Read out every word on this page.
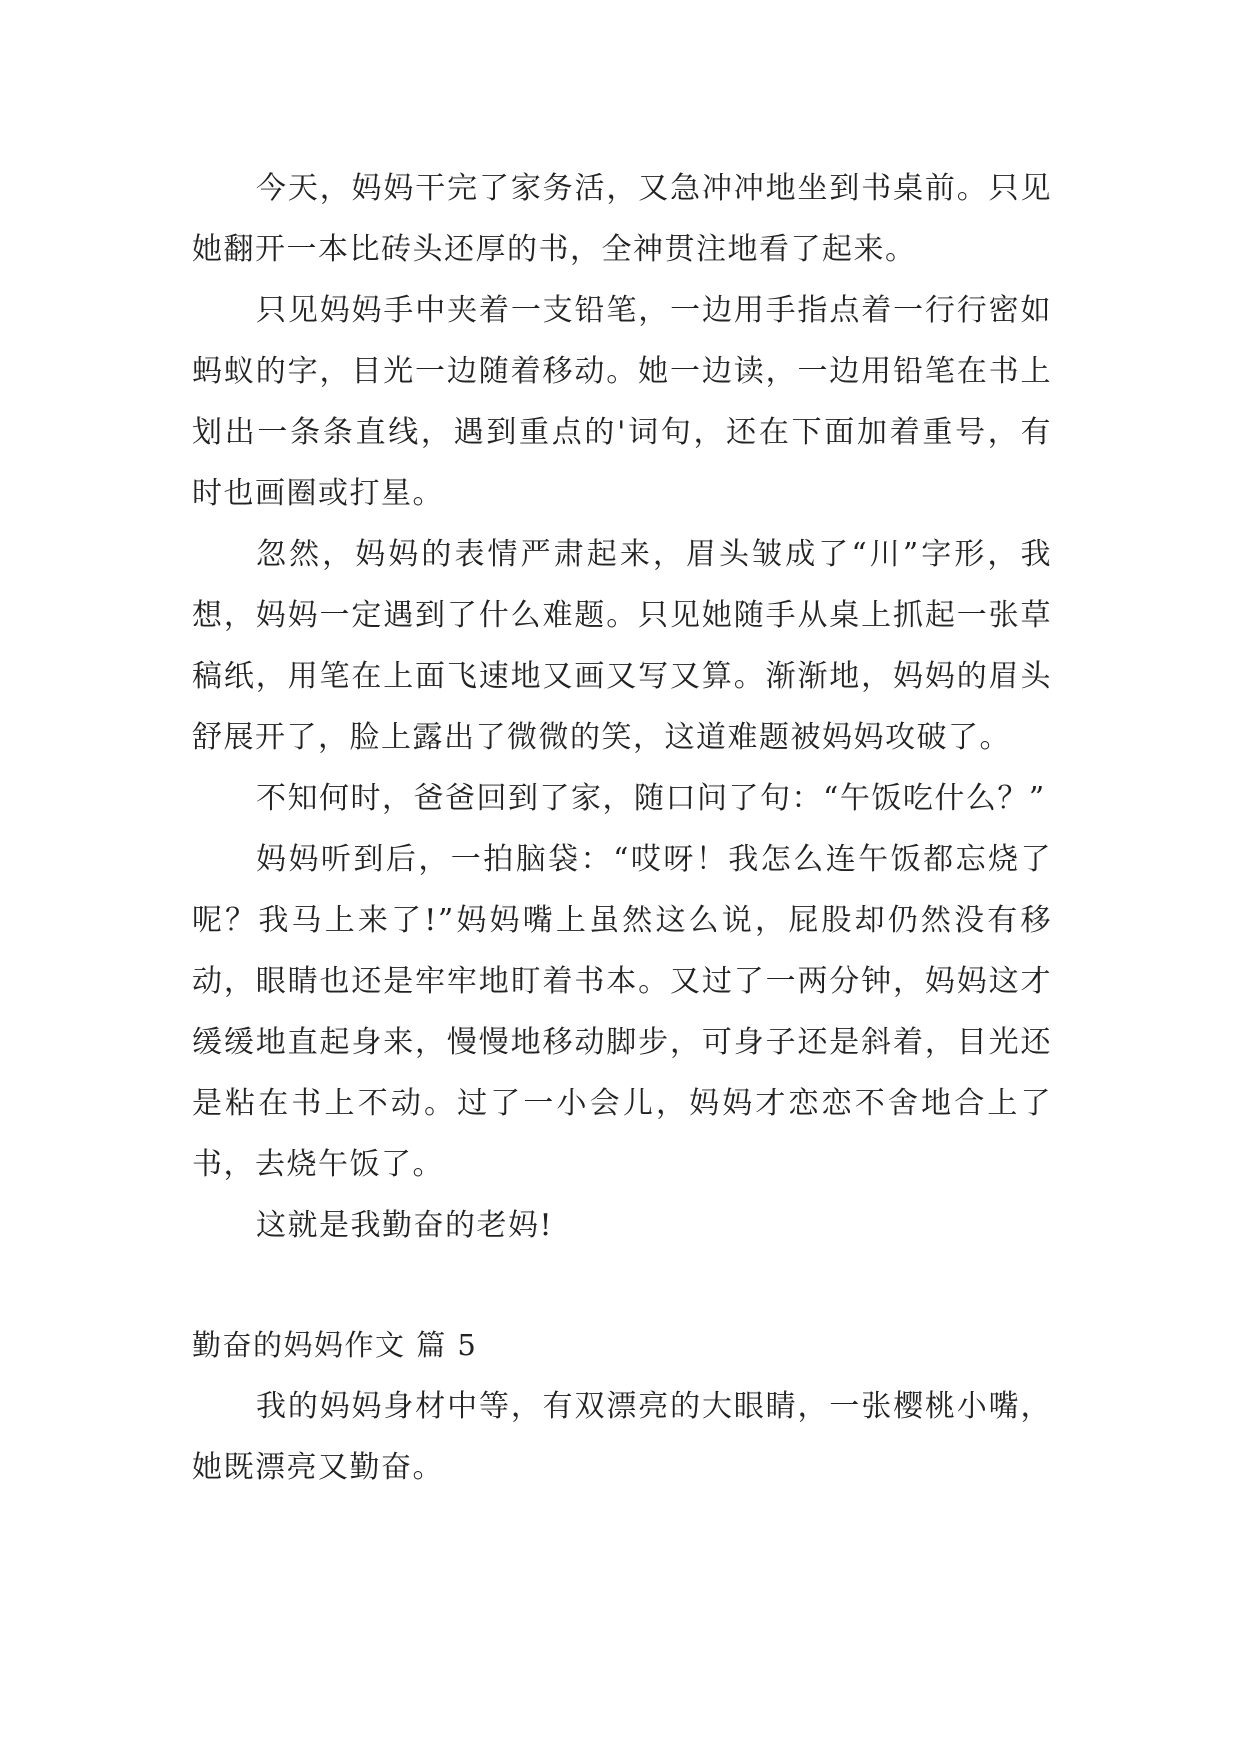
今天，妈妈干完了家务活，又急冲冲地坐到书桌前。只见她翻开一本比砖头还厚的书，全神贯注地看了起来。

只见妈妈手中夹着一支铅笔，一边用手指点着一行行密如蚂蚁的字，目光一边随着移动。她一边读，一边用铅笔在书上划出一条条直线，遇到重点的'词句，还在下面加着重号，有时也画圈或打星。

忽然，妈妈的表情严肃起来，眉头皱成了“川”字形，我想，妈妈一定遇到了什么难题。只见她随手从桌上抓起一张草稿纸，用笔在上面飞速地又画又写又算。渐渐地，妈妈的眉头舒展开了，脸上露出了微微的笑，这道难题被妈妈攻破了。

不知何时，爸爸回到了家，随口问了句：“午饭吃什么？”

妈妈听到后，一拍脑袋：“哎呀！我怎么连午饭都忘烧了呢？我马上来了!”妈妈嘴上虽然这么说，屁股却仍然没有移动，眼睛也还是牢牢地盯着书本。又过了一两分钟，妈妈这才缓缓地直起身来，慢慢地移动脚步，可身子还是斜着，目光还是粘在书上不动。过了一小会儿，妈妈才恋恋不舍地合上了书，去烧午饭了。

这就是我勤奋的老妈!

勤奋的妈妈作文 篇 5

我的妈妈身材中等，有双漂亮的大眼睛，一张樱桃小嘴，她既漂亮又勤奋。
